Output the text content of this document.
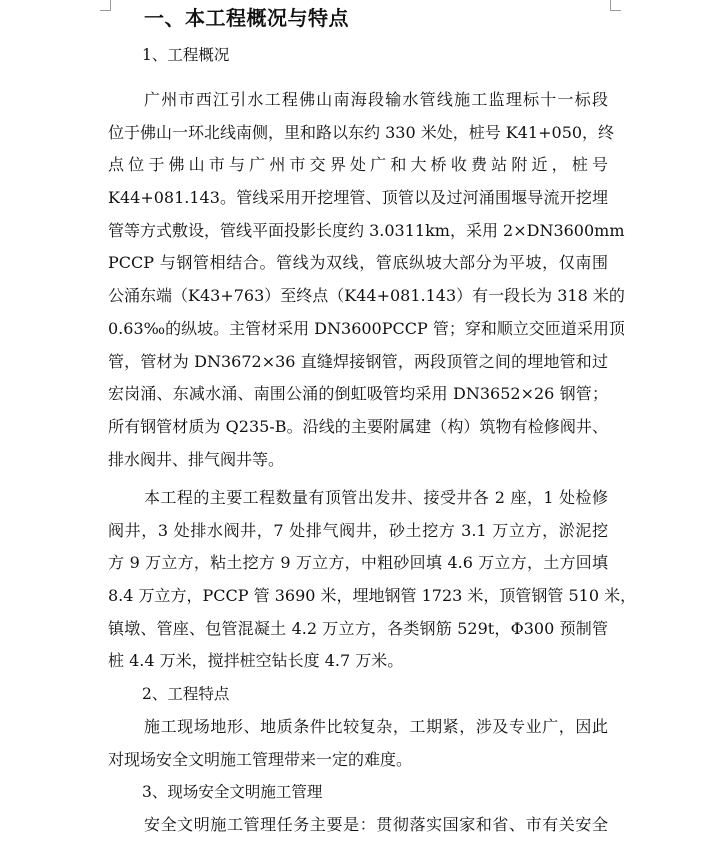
一、本工程概况与特点
1、工程概况
广州市西江引水工程佛山南海段输水管线施工监理标十一标段
位于佛山一环北线南侧，里和路以东约 330 米处，桩号 K41+050，终
点位于佛山市与广州市交界处广和大桥收费站附近，桩号
K44+081.143。管线采用开挖埋管、顶管以及过河涌围堰导流开挖埋
管等方式敷设，管线平面投影长度约 3.0311km，采用 2×DN3600mm
PCCP 与钢管相结合。管线为双线，管底纵坡大部分为平坡，仅南围
公涌东端（K43+763）至终点（K44+081.143）有一段长为 318 米的
0.63‰的纵坡。主管材采用 DN3600PCCP 管；穿和顺立交匝道采用顶
管，管材为 DN3672×36 直缝焊接钢管，两段顶管之间的埋地管和过
宏岗涌、东减水涌、南围公涌的倒虹吸管均采用 DN3652×26 钢管；
所有钢管材质为 Q235-B。沿线的主要附属建（构）筑物有检修阀井、
排水阀井、排气阀井等。
本工程的主要工程数量有顶管出发井、接受井各 2 座，1 处检修
阀井，3 处排水阀井，7 处排气阀井，砂土挖方 3.1 万立方，淤泥挖
方 9 万立方，粘土挖方 9 万立方，中粗砂回填 4.6 万立方，土方回填
8.4 万立方，PCCP 管 3690 米，埋地钢管 1723 米，顶管钢管 510 米，
镇墩、管座、包管混凝土 4.2 万立方，各类钢筋 529t，Φ300 预制管
桩 4.4 万米，搅拌桩空钻长度 4.7 万米。
2、工程特点
施工现场地形、地质条件比较复杂，工期紧，涉及专业广，因此
对现场安全文明施工管理带来一定的难度。
3、现场安全文明施工管理
安全文明施工管理任务主要是：贯彻落实国家和省、市有关安全
